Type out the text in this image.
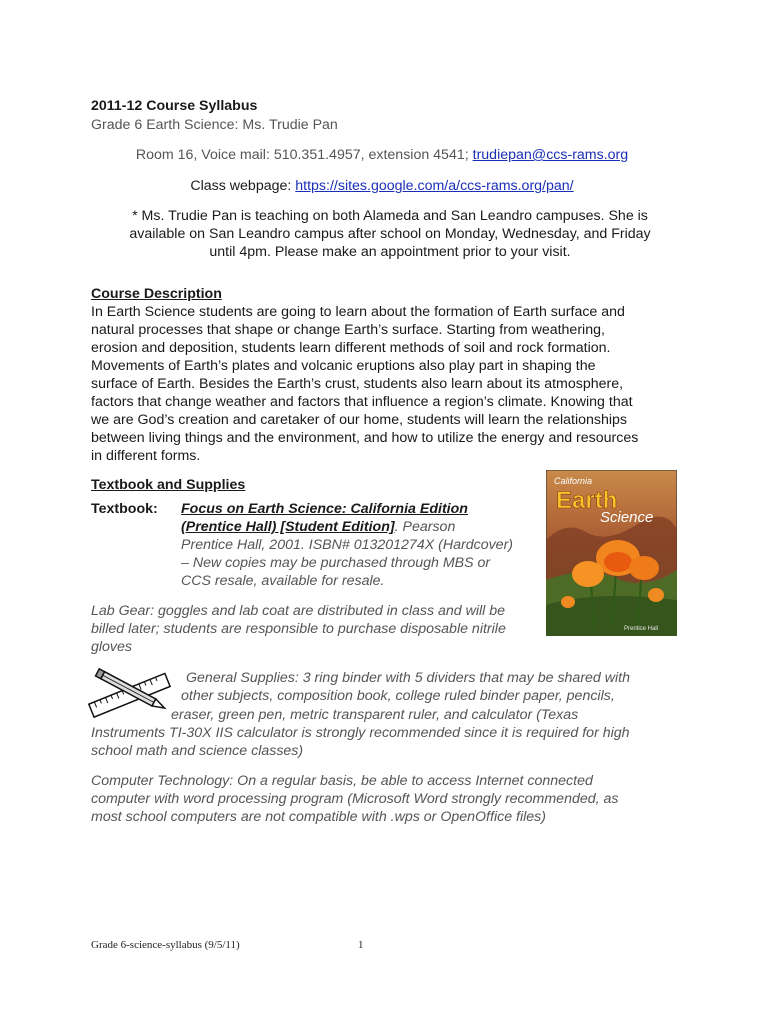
2011-12 Course Syllabus
Grade 6 Earth Science: Ms. Trudie Pan
Room 16, Voice mail: 510.351.4957, extension 4541; trudiepan@ccs-rams.org
Class webpage: https://sites.google.com/a/ccs-rams.org/pan/

* Ms. Trudie Pan is teaching on both Alameda and San Leandro campuses. She is

available on San Leandro campus after school on Monday, Wednesday, and Friday

until 4pm. Please make an appointment prior to your visit.

Course Description

In Earth Science students are going to learn about the formation of Earth surface and

natural processes that shape or change Earth’s surface. Starting from weathering,

erosion and deposition, students learn different methods of soil and rock formation.

Movements of Earth’s plates and volcanic eruptions also play part in shaping the

surface of Earth. Besides the Earth’s crust, students also learn about its atmosphere,

factors that change weather and factors that influence a region’s climate. Knowing that

we are God’s creation and caretaker of our home, students will learn the relationships

between living things and the environment, and how to utilize the energy and resources

in different forms.

Textbook and Supplies
Textbook: Focus on Earth Science: California Edition

(Prentice Hall) [Student Edition]. Pearson

Prentice Hall, 2001. ISBN# 013201274X (Hardcover)

– New copies may be purchased through MBS or

CCS resale, available for resale.

California
Earth
Science
Prentice Hall

Lab Gear: goggles and lab coat are distributed in class and will be

billed later; students are responsible to purchase disposable nitrile

gloves

General Supplies: 3 ring binder with 5 dividers that may be shared with
other subjects, composition book, college ruled binder paper, pencils,
eraser, green pen, metric transparent ruler, and calculator (Texas
Instruments TI-30X IIS calculator is strongly recommended since it is required for high
school math and science classes)

Computer Technology: On a regular basis, be able to access Internet connected

computer with word processing program (Microsoft Word strongly recommended, as

most school computers are not compatible with .wps or OpenOffice files)

Grade 6-science-syllabus (9/5/11)	1
